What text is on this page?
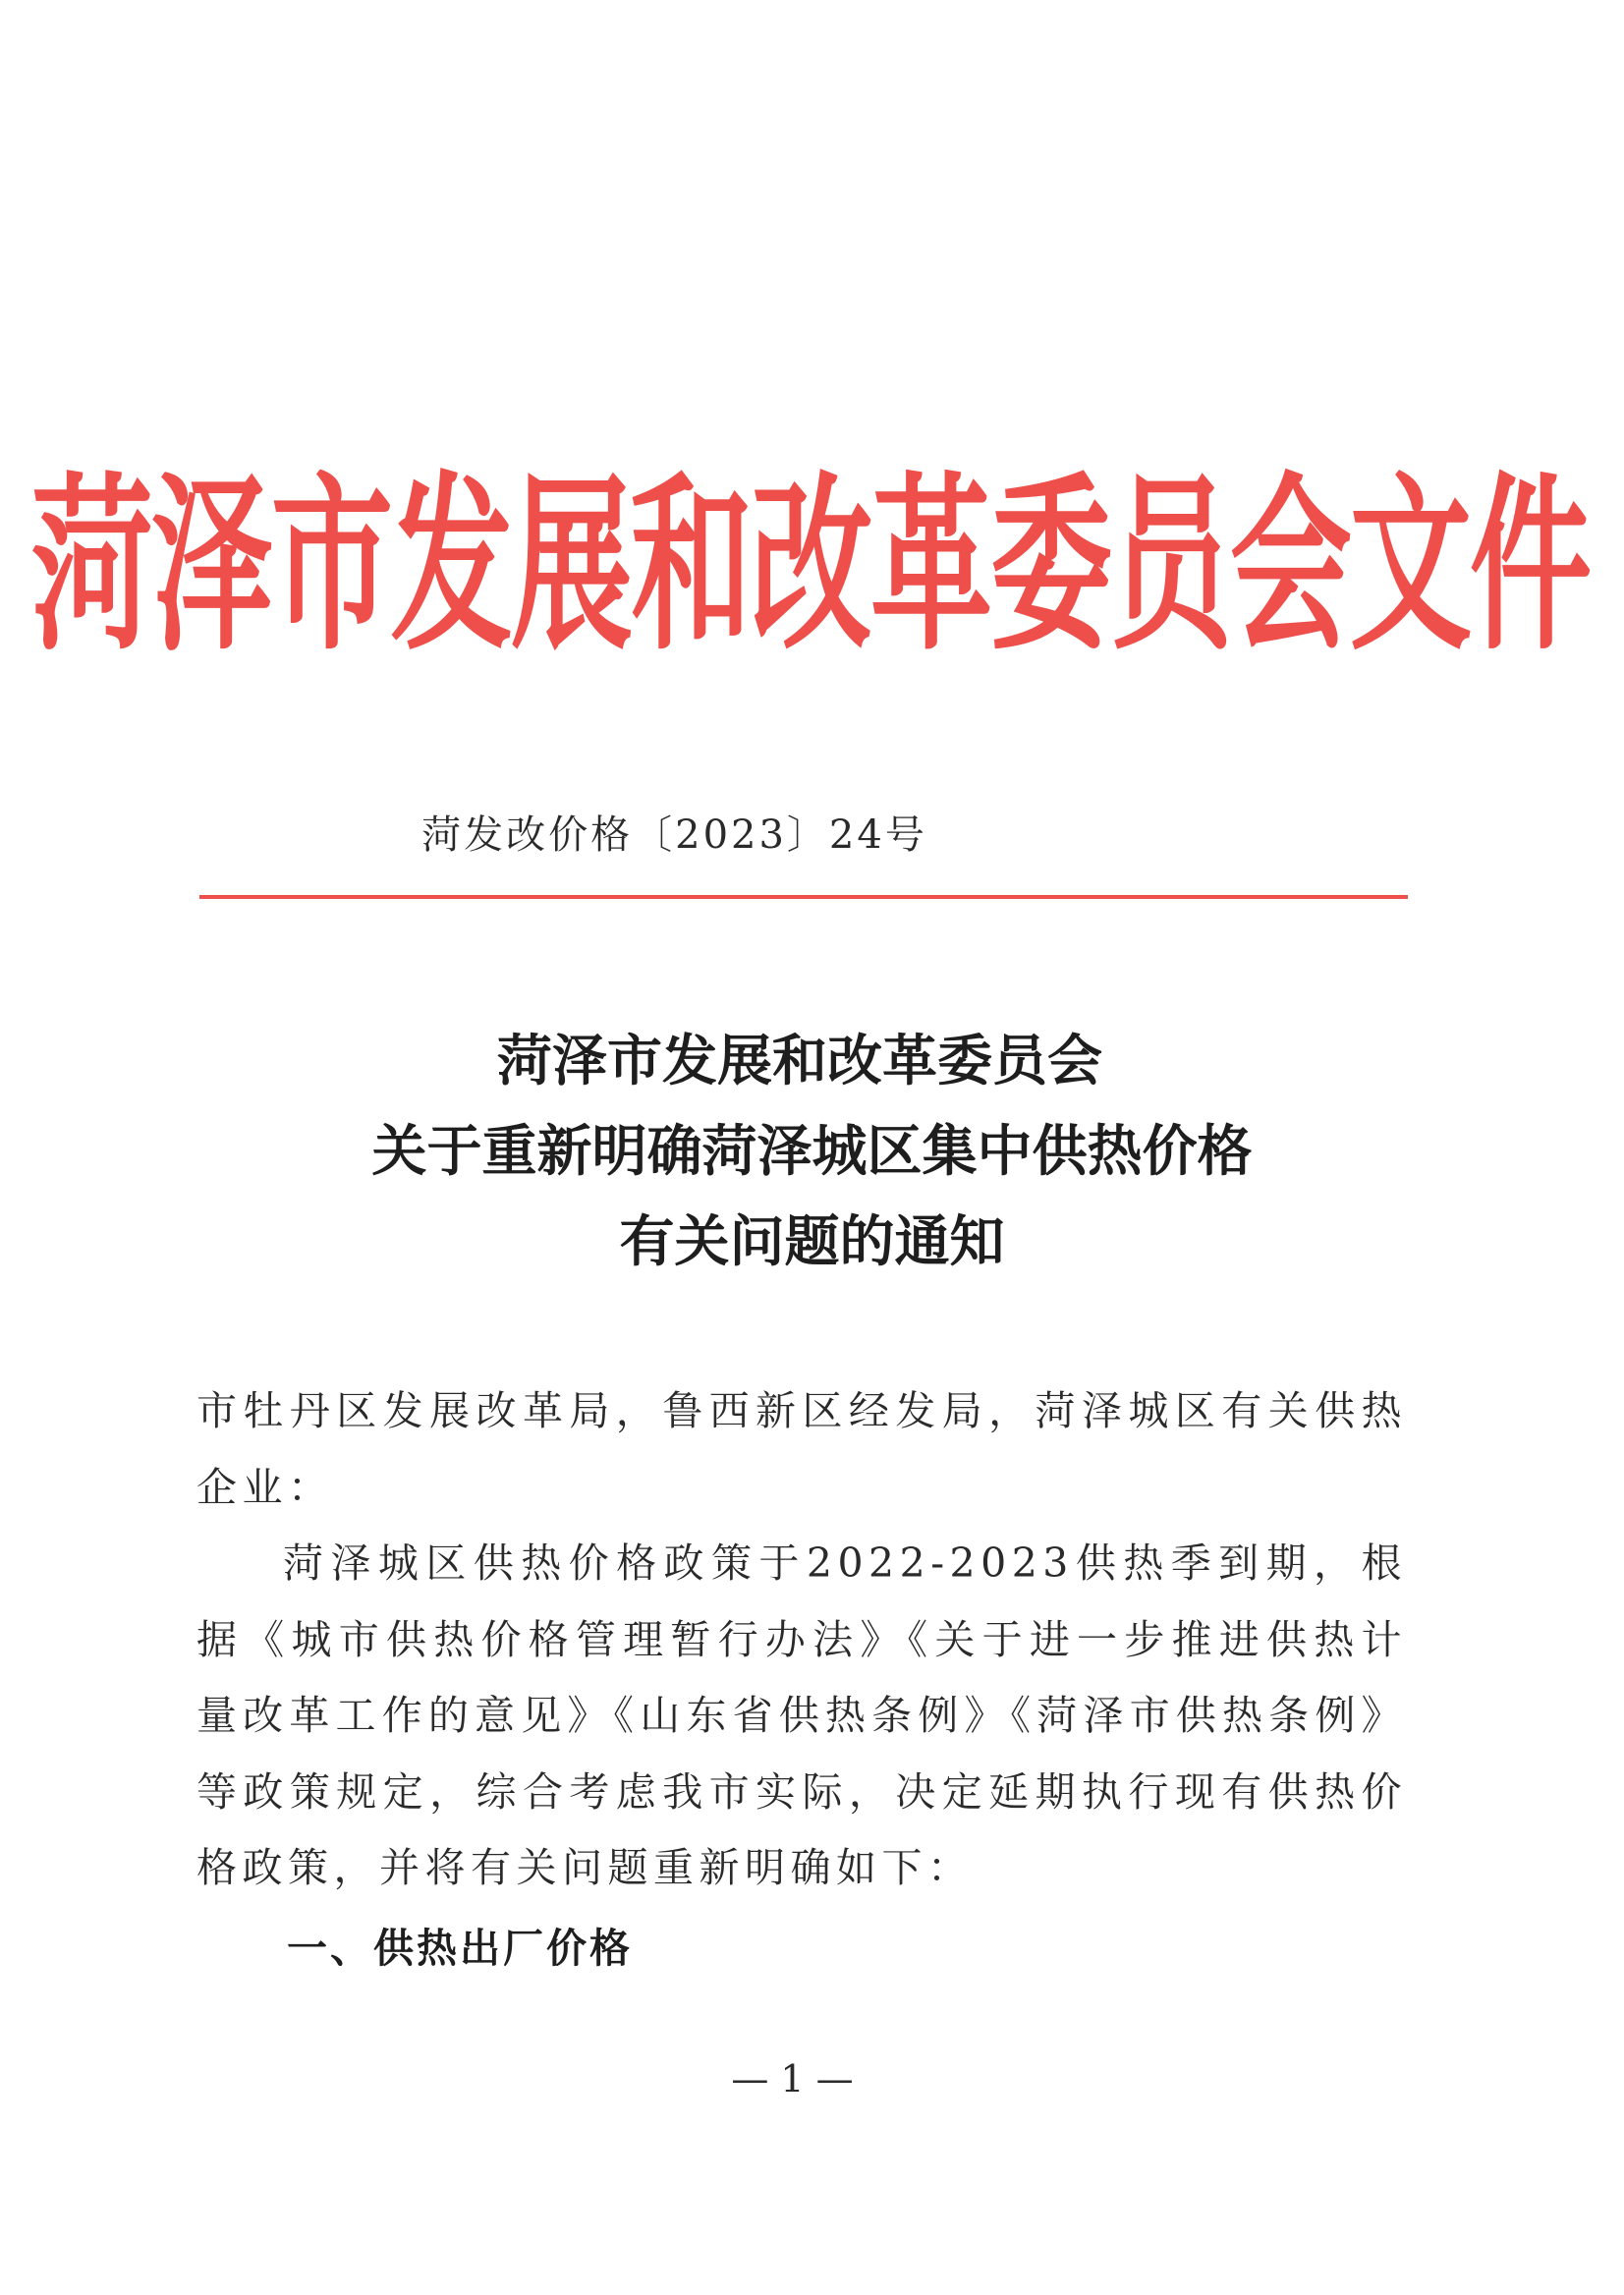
菏泽市发展和改革委员会文件
菏发改价格〔2023〕24号
菏泽市发展和改革委员会
关于重新明确菏泽城区集中供热价格
有关问题的通知

市牡丹区发展改革局，鲁西新区经发局，菏泽城区有关供热企业：

菏泽城区供热价格政策于2022-2023供热季到期，根据《城市供热价格管理暂行办法》《关于进一步推进供热计量改革工作的意见》《山东省供热条例》《菏泽市供热条例》等政策规定，综合考虑我市实际，决定延期执行现有供热价格政策，并将有关问题重新明确如下：

一、供热出厂价格
— 1 —
